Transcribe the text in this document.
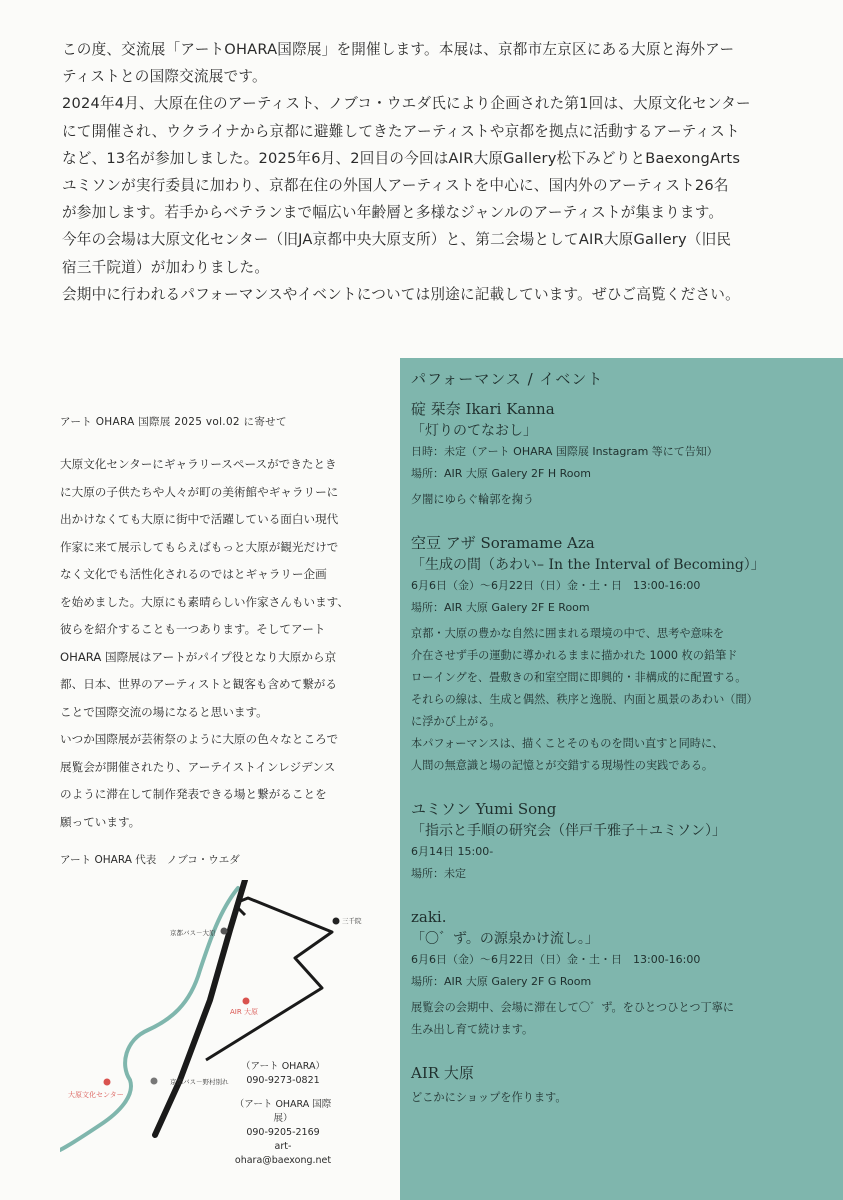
この度、交流展「アートOHARA国際展」を開催します。本展は、京都市左京区にある大原と海外アー

ティストとの国際交流展です。

2024年4月、大原在住のアーティスト、ノブコ・ウエダ氏により企画された第1回は、大原文化センター

にて開催され、ウクライナから京都に避難してきたアーティストや京都を拠点に活動するアーティスト

など、13名が参加しました。2025年6月、2回目の今回はAIR大原Gallery松下みどりとBaexongArts

ユミソンが実行委員に加わり、京都在住の外国人アーティストを中心に、国内外のアーティスト26名

が参加します。若手からベテランまで幅広い年齢層と多様なジャンルのアーティストが集まります。

今年の会場は大原文化センター（旧JA京都中央大原支所）と、第二会場としてAIR大原Gallery（旧民

宿三千院道）が加わりました。

会期中に行われるパフォーマンスやイベントについては別途に記載しています。ぜひご高覧ください。

アート OHARA 国際展 2025 vol.02 に寄せて

大原文化センターにギャラリースペースができたとき

に大原の子供たちや人々が町の美術館やギャラリーに

出かけなくても大原に街中で活躍している面白い現代

作家に来て展示してもらえばもっと大原が観光だけで

なく文化でも活性化されるのではとギャラリー企画

を始めました。大原にも素晴らしい作家さんもいます、

彼らを紹介することも一つあります。そしてアート

OHARA 国際展はアートがパイプ役となり大原から京

都、日本、世界のアーティストと観客も含めて繋がる

ことで国際交流の場になると思います。

いつか国際展が芸術祭のように大原の色々なところで

展覧会が開催されたり、アーテイストインレジデンス

のように滞在して制作発表できる場と繋がることを

願っています。

アート OHARA 代表　ノブコ・ウエダ
京都バス－大原
三千院
AIR 大原
京都バス－野村別れ
大原文化センター
（アート OHARA）
090-9273-0821
（アート OHARA 国際展）
090-9205-2169
art-ohara@baexong.net
パフォーマンス / イベント
碇 栞奈 Ikari Kanna
「灯りのてなおし」
日時：未定（アート OHARA 国際展 Instagram 等にて告知）
場所：AIR 大原 Galery 2F H Room

夕闇にゆらぐ輪郭を掬う

空豆 アザ Soramame Aza
「生成の間（あわい– In the Interval of Becoming）」
6月6日（金）～6月22日（日）金・土・日　13:00-16:00
場所：AIR 大原 Galery 2F E Room

京都・大原の豊かな自然に囲まれる環境の中で、思考や意味を

介在させず手の運動に導かれるままに描かれた 1000 枚の鉛筆ド

ローイングを、畳敷きの和室空間に即興的・非構成的に配置する。

それらの線は、生成と偶然、秩序と逸脱、内面と風景のあわい（間）

に浮かび上がる。

本パフォーマンスは、描くことそのものを問い直すと同時に、

人間の無意識と場の記憶とが交錯する現場性の実践である。

ユミソン Yumi Song
「指示と手順の研究会（伴戸千雅子＋ユミソン）」
6月14日 15:00-
場所：未定
zaki.
「〇゛ず。の源泉かけ流し。」
6月6日（金）～6月22日（日）金・土・日　13:00-16:00
場所：AIR 大原 Galery 2F G Room

展覧会の会期中、会場に滞在して〇゛ず。をひとつひとつ丁寧に

生み出し育て続けます。

AIR 大原

どこかにショップを作ります。
